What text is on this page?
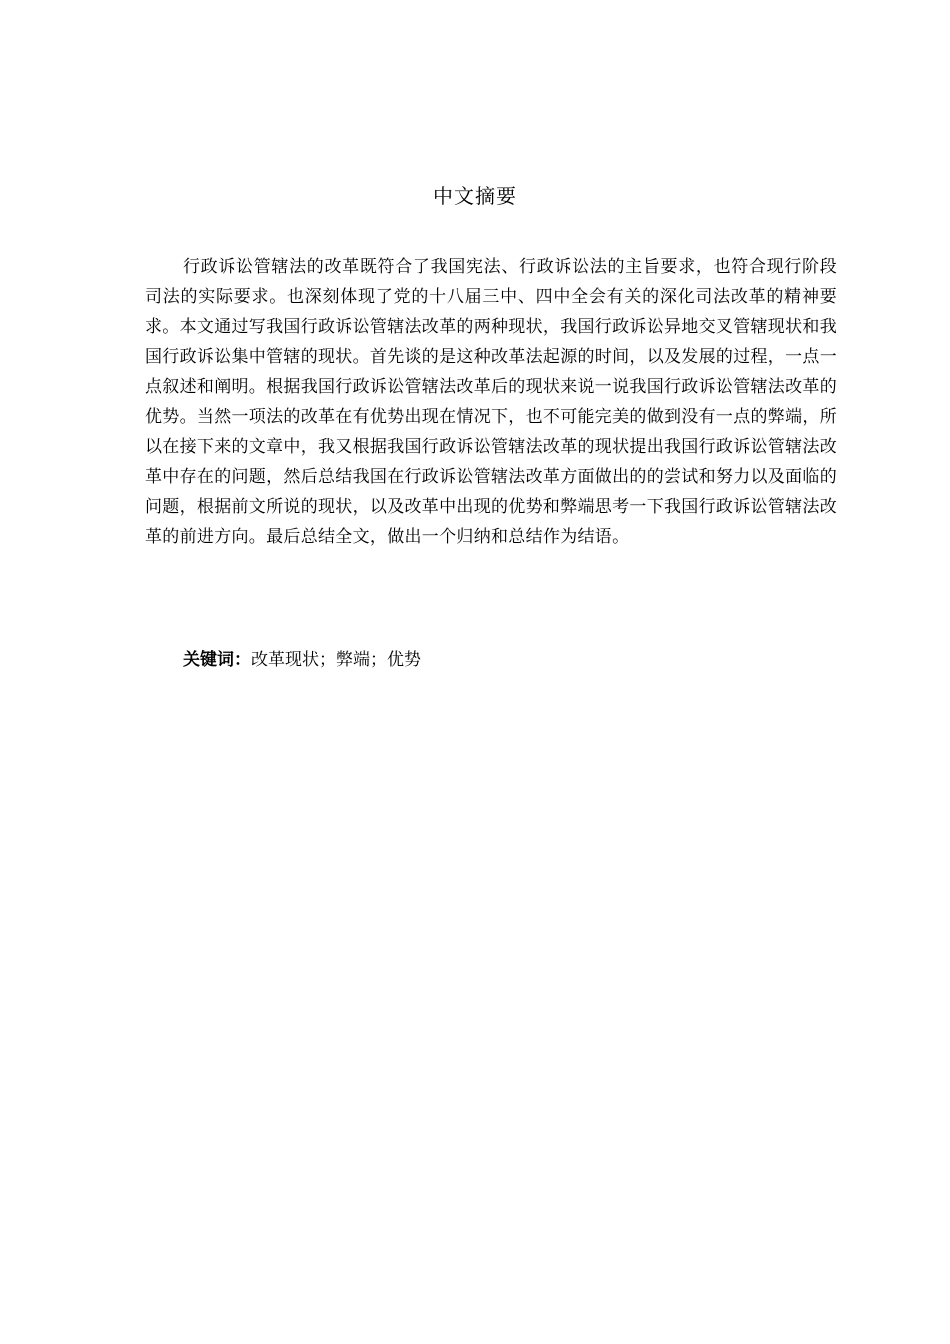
中文摘要

行政诉讼管辖法的改革既符合了我国宪法、行政诉讼法的主旨要求，也符合现行阶段司法的实际要求。也深刻体现了党的十八届三中、四中全会有关的深化司法改革的精神要求。本文通过写我国行政诉讼管辖法改革的两种现状，我国行政诉讼异地交叉管辖现状和我国行政诉讼集中管辖的现状。首先谈的是这种改革法起源的时间，以及发展的过程，一点一点叙述和阐明。根据我国行政诉讼管辖法改革后的现状来说一说我国行政诉讼管辖法改革的优势。当然一项法的改革在有优势出现在情况下，也不可能完美的做到没有一点的弊端，所以在接下来的文章中，我又根据我国行政诉讼管辖法改革的现状提出我国行政诉讼管辖法改革中存在的问题，然后总结我国在行政诉讼管辖法改革方面做出的的尝试和努力以及面临的问题，根据前文所说的现状，以及改革中出现的优势和弊端思考一下我国行政诉讼管辖法改革的前进方向。最后总结全文，做出一个归纳和总结作为结语。

关键词：改革现状；弊端；优势
